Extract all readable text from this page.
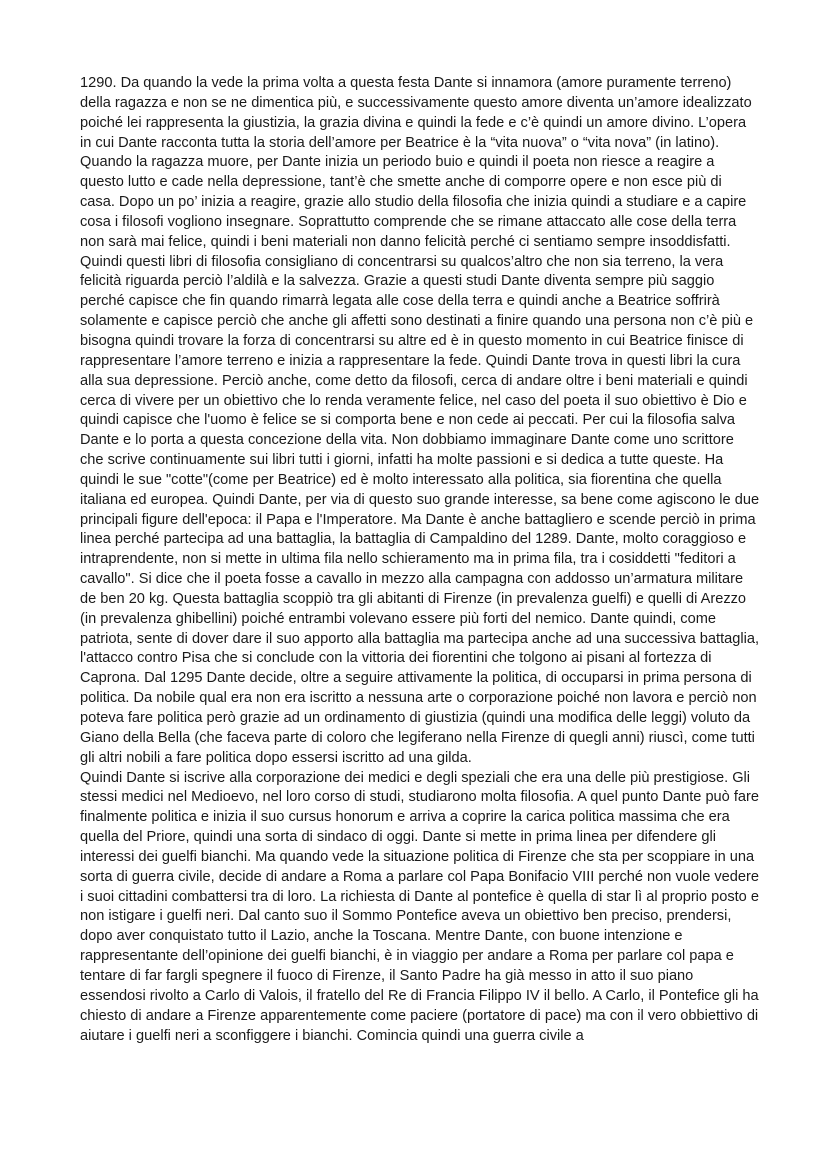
1290. Da quando la vede la prima volta a questa festa Dante si innamora (amore puramente terreno) della ragazza e non se ne dimentica più, e successivamente questo amore diventa un’amore idealizzato poiché lei rappresenta la giustizia, la grazia divina e quindi la fede e c’è quindi un amore divino. L’opera in cui Dante racconta tutta la storia dell’amore per Beatrice è la “vita nuova” o “vita nova” (in latino). Quando la ragazza muore, per Dante inizia un periodo buio e quindi il poeta non riesce a reagire a questo lutto e cade nella depressione, tant’è che smette anche di comporre opere e non esce più di casa. Dopo un po’ inizia a reagire, grazie allo studio della filosofia che inizia quindi a studiare e a capire cosa i filosofi vogliono insegnare. Soprattutto comprende che se rimane attaccato alle cose della terra non sarà mai felice, quindi i beni materiali non danno felicità perché ci sentiamo sempre insoddisfatti. Quindi questi libri di filosofia consigliano di concentrarsi su qualcos’altro che non sia terreno, la vera felicità riguarda perciò l’aldilà e la salvezza. Grazie a questi studi Dante diventa sempre più saggio perché capisce che fin quando rimarrà legata alle cose della terra e quindi anche a Beatrice soffrirà solamente e capisce perciò che anche gli affetti sono destinati a finire quando una persona non c’è più e bisogna quindi trovare la forza di concentrarsi su altre ed è in questo momento in cui Beatrice finisce di rappresentare l’amore terreno e inizia a rappresentare la fede. Quindi Dante trova in questi libri la cura alla sua depressione. Perciò anche, come detto da filosofi, cerca di andare oltre i beni materiali e quindi cerca di vivere per un obiettivo che lo renda veramente felice, nel caso del poeta il suo obiettivo è Dio e quindi capisce che l'uomo è felice se si comporta bene e non cede ai peccati. Per cui la filosofia salva Dante e lo porta a questa concezione della vita. Non dobbiamo immaginare Dante come uno scrittore che scrive continuamente sui libri tutti i giorni, infatti ha molte passioni e si dedica a tutte queste. Ha quindi le sue "cotte"(come per Beatrice) ed è molto interessato alla politica, sia fiorentina che quella italiana ed europea. Quindi Dante, per via di questo suo grande interesse, sa bene come agiscono le due principali figure dell'epoca: il Papa e l'Imperatore. Ma Dante è anche battagliero e scende perciò in prima linea perché partecipa ad una battaglia, la battaglia di Campaldino del 1289. Dante, molto coraggioso e intraprendente, non si mette in ultima fila nello schieramento ma in prima fila, tra i cosiddetti "feditori a cavallo". Si dice che il poeta fosse a cavallo in mezzo alla campagna con addosso un’armatura militare de ben 20 kg. Questa battaglia scoppiò tra gli abitanti di Firenze (in prevalenza guelfi) e quelli di Arezzo (in prevalenza ghibellini) poiché entrambi volevano essere più forti del nemico. Dante quindi, come patriota, sente di dover dare il suo apporto alla battaglia ma partecipa anche ad una successiva battaglia, l'attacco contro Pisa che si conclude con la vittoria dei fiorentini che tolgono ai pisani al fortezza di Caprona. Dal 1295 Dante decide, oltre a seguire attivamente la politica, di occuparsi in prima persona di politica. Da nobile qual era non era iscritto a nessuna arte o corporazione poiché non lavora e perciò non poteva fare politica però grazie ad un ordinamento di giustizia (quindi una modifica delle leggi) voluto da Giano della Bella (che faceva parte di coloro che legiferano nella Firenze di quegli anni) riuscì, come tutti gli altri nobili a fare politica dopo essersi iscritto ad una gilda.

Quindi Dante si iscrive alla corporazione dei medici e degli speziali che era una delle più prestigiose. Gli stessi medici nel Medioevo, nel loro corso di studi, studiarono molta filosofia. A quel punto Dante può fare finalmente politica e inizia il suo cursus honorum e arriva a coprire la carica politica massima che era quella del Priore, quindi una sorta di sindaco di oggi. Dante si mette in prima linea per difendere gli interessi dei guelfi bianchi. Ma quando vede la situazione politica di Firenze che sta per scoppiare in una sorta di guerra civile, decide di andare a Roma a parlare col Papa Bonifacio VIII perché non vuole vedere i suoi cittadini combattersi tra di loro. La richiesta di Dante al pontefice è quella di star lì al proprio posto e non istigare i guelfi neri. Dal canto suo il Sommo Pontefice aveva un obiettivo ben preciso, prendersi, dopo aver conquistato tutto il Lazio, anche la Toscana. Mentre Dante, con buone intenzione e rappresentante dell’opinione dei guelfi bianchi, è in viaggio per andare a Roma per parlare col papa e tentare di far fargli spegnere il fuoco di Firenze, il Santo Padre ha già messo in atto il suo piano essendosi rivolto a Carlo di Valois, il fratello del Re di Francia Filippo IV il bello. A Carlo, il Pontefice gli ha chiesto di andare a Firenze apparentemente come paciere (portatore di pace) ma con il vero obbiettivo di aiutare i guelfi neri a sconfiggere i bianchi. Comincia quindi una guerra civile a
